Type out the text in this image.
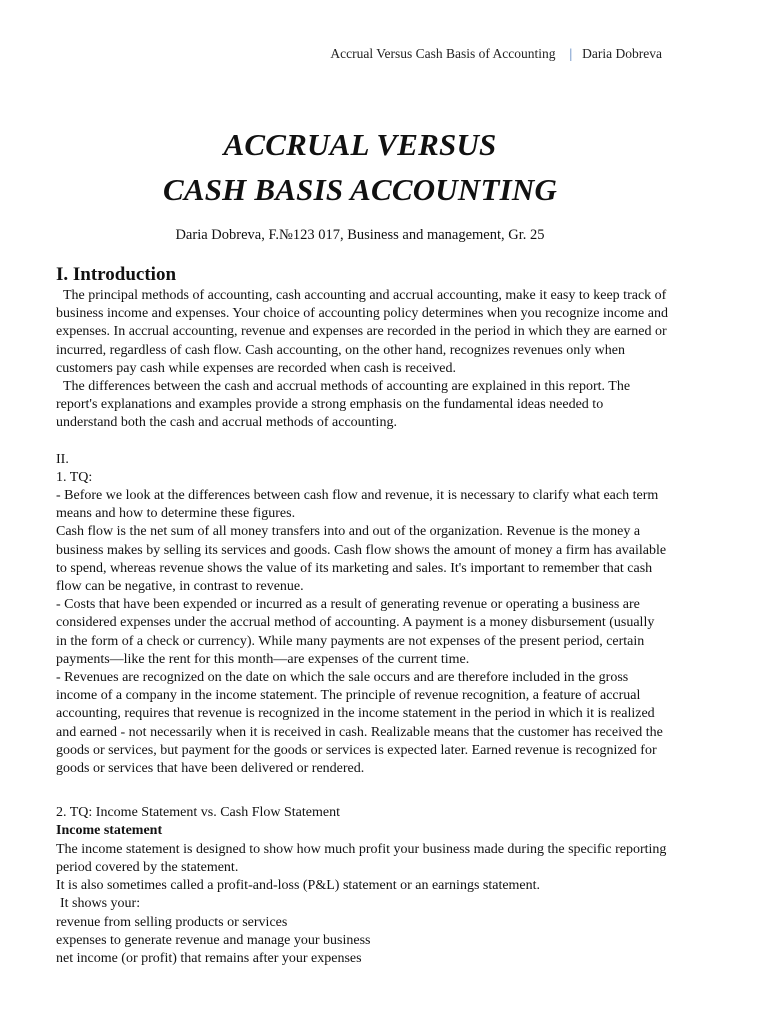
Accrual Versus Cash Basis of Accounting | Daria Dobreva
ACCRUAL VERSUS
CASH BASIS ACCOUNTING
Daria Dobreva, F.№123 017, Business and management, Gr. 25
I. Introduction

The principal methods of accounting, cash accounting and accrual accounting, make it easy to keep track of business income and expenses. Your choice of accounting policy determines when you recognize income and expenses. In accrual accounting, revenue and expenses are recorded in the period in which they are earned or incurred, regardless of cash flow. Cash accounting, on the other hand, recognizes revenues only when customers pay cash while expenses are recorded when cash is received.

The differences between the cash and accrual methods of accounting are explained in this report. The report's explanations and examples provide a strong emphasis on the fundamental ideas needed to understand both the cash and accrual methods of accounting.

II.

1. TQ:

- Before we look at the differences between cash flow and revenue, it is necessary to clarify what each term means and how to determine these figures.

Cash flow is the net sum of all money transfers into and out of the organization. Revenue is the money a business makes by selling its services and goods. Cash flow shows the amount of money a firm has available to spend, whereas revenue shows the value of its marketing and sales. It's important to remember that cash flow can be negative, in contrast to revenue.

- Costs that have been expended or incurred as a result of generating revenue or operating a business are considered expenses under the accrual method of accounting. A payment is a money disbursement (usually in the form of a check or currency). While many payments are not expenses of the present period, certain payments—like the rent for this month—are expenses of the current time.

- Revenues are recognized on the date on which the sale occurs and are therefore included in the gross income of a company in the income statement. The principle of revenue recognition, a feature of accrual accounting, requires that revenue is recognized in the income statement in the period in which it is realized and earned - not necessarily when it is received in cash. Realizable means that the customer has received the goods or services, but payment for the goods or services is expected later. Earned revenue is recognized for goods or services that have been delivered or rendered.

2. TQ: Income Statement vs. Cash Flow Statement

Income statement

The income statement is designed to show how much profit your business made during the specific reporting period covered by the statement.

It is also sometimes called a profit-and-loss (P&L) statement or an earnings statement.

It shows your:

revenue from selling products or services

expenses to generate revenue and manage your business

net income (or profit) that remains after your expenses
